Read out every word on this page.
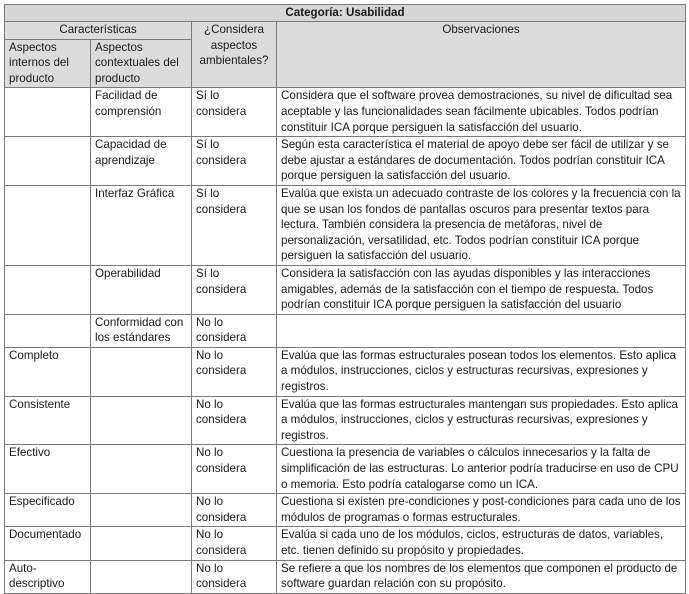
Categoría: Usabilidad			
Características		¿Considera aspectos ambientales?	Observaciones
Aspectos internos del producto	Aspectos contextuales del producto		
	Facilidad de comprensión	Sí lo considera	Considera que el software provea demostraciones, su nivel de dificultad sea aceptable y las funcionalidades sean fácilmente ubicables. Todos podrían constituir ICA porque persiguen la satisfacción del usuario.
	Capacidad de aprendizaje	Sí lo considera	Según esta característica el material de apoyo debe ser fácil de utilizar y se debe ajustar a estándares de documentación. Todos podrían constituir ICA porque persiguen la satisfacción del usuario.
	Interfaz Gráfica	Sí lo considera	Evalúa que exista un adecuado contraste de los colores y la frecuencia con la que se usan los fondos de pantallas oscuros para presentar textos para lectura. También considera la presencia de metáforas, nivel de personalización, versatilidad, etc. Todos podrían constituir ICA porque persiguen la satisfacción del usuario.
	Operabilidad	Sí lo considera	Considera la satisfacción con las ayudas disponibles y las interacciones amigables, además de la satisfacción con el tiempo de respuesta. Todos podrían constituir ICA porque persiguen la satisfacción del usuario
	Conformidad con los estándares	No lo considera	
Completo		No lo considera	Evalúa que las formas estructurales posean todos los elementos. Esto aplica a módulos, instrucciones, ciclos y estructuras recursivas, expresiones y registros.
Consistente		No lo considera	Evalúa que las formas estructurales mantengan sus propiedades. Esto aplica a módulos, instrucciones, ciclos y estructuras recursivas, expresiones y registros.
Efectivo		No lo considera	Cuestiona la presencia de variables o cálculos innecesarios y la falta de simplificación de las estructuras. Lo anterior podría traducirse en uso de CPU o memoria. Esto podría catalogarse como un ICA.
Especificado		No lo considera	Cuestiona si existen pre-condiciones y post-condiciones para cada uno de los módulos de programas o formas estructurales.
Documentado		No lo considera	Evalúa si cada uno de los módulos, ciclos, estructuras de datos, variables, etc. tienen definido su propósito y propiedades.
Auto-descriptivo		No lo considera	Se refiere a que los nombres de los elementos que componen el producto de software guardan relación con su propósito.
